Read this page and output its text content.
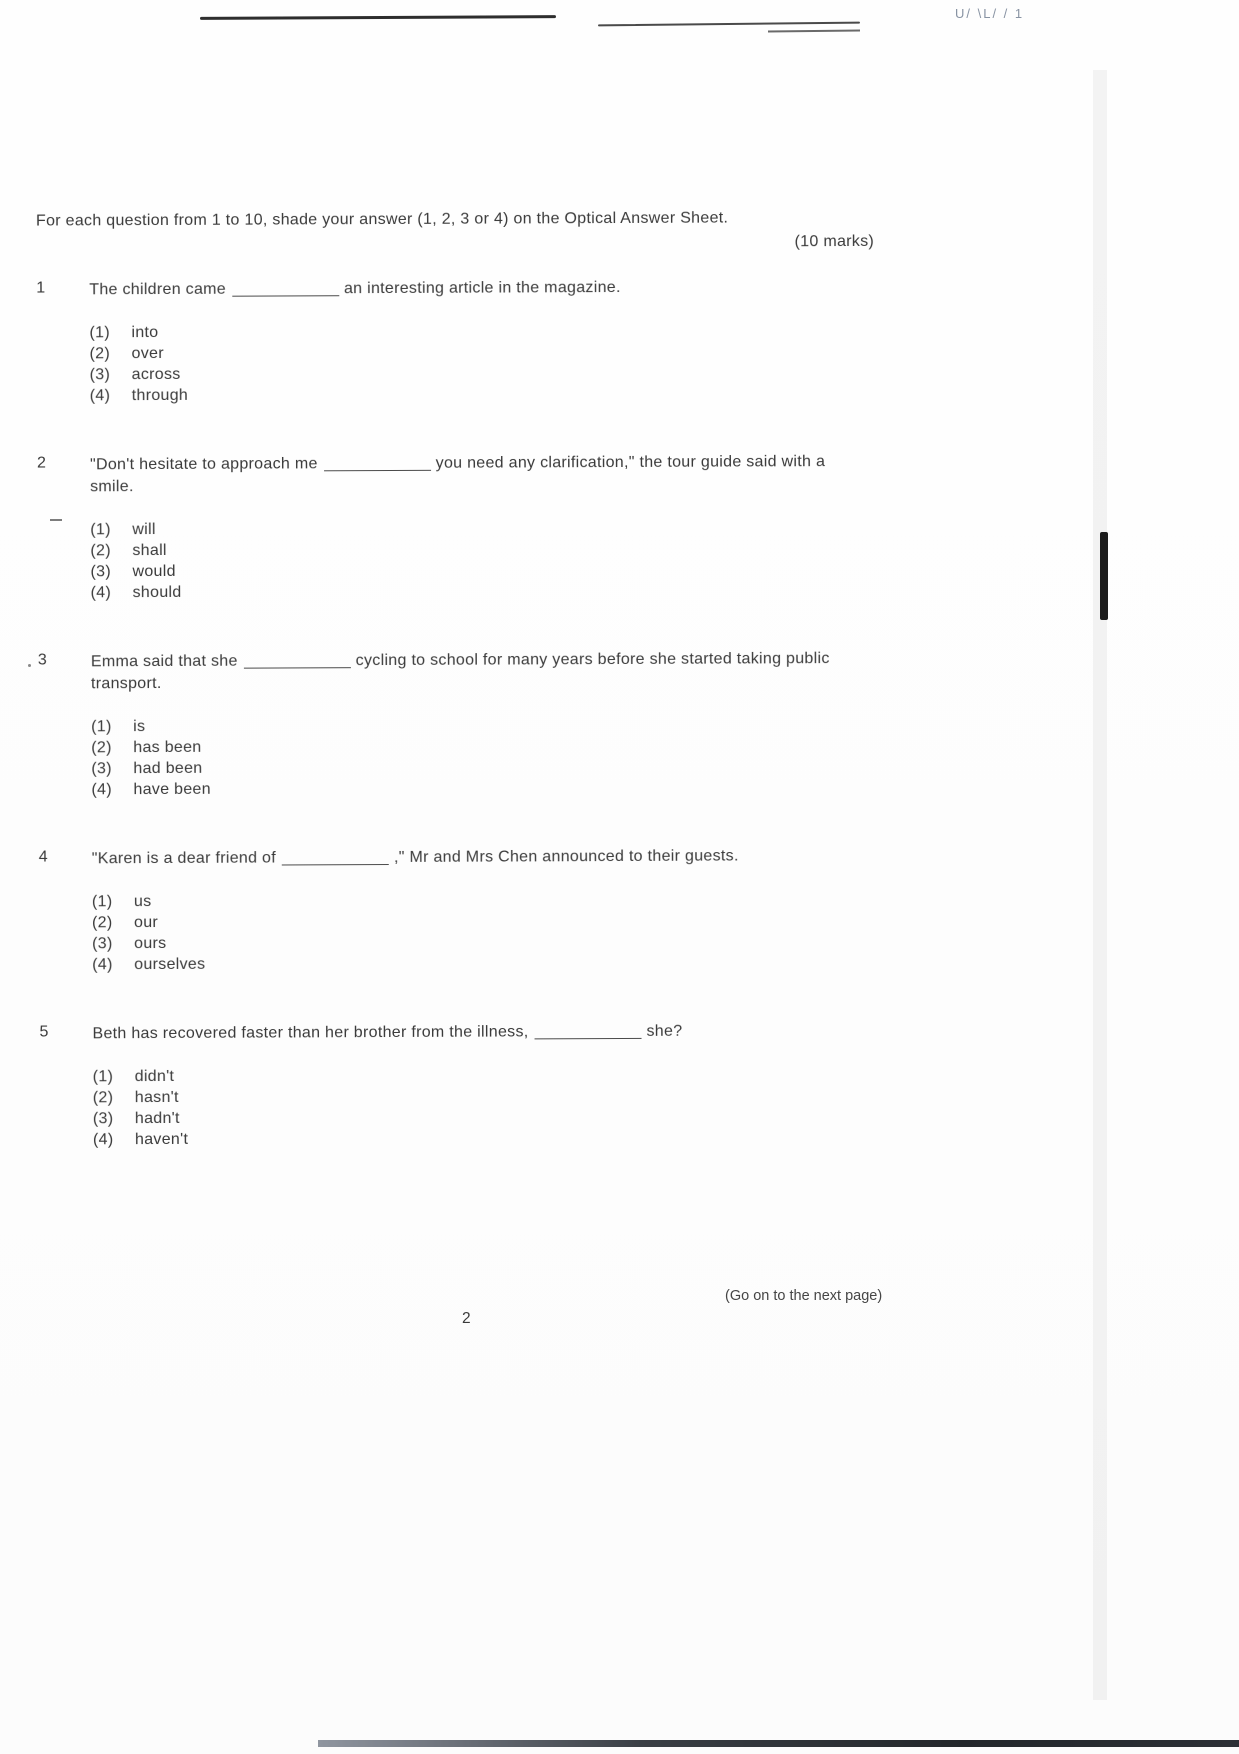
U/ \L/ / 1
For each question from 1 to 10, shade your answer (1, 2, 3 or 4) on the Optical Answer Sheet.
(10 marks)
1	The children came	an interesting article in the magazine.

(1) into
(2) over
(3) across
(4) through
2	"Don't hesitate to approach me	you need any clarification," the tour guide said with a smile.

(1) will
(2) shall
(3) would
(4) should
3	Emma said that she	cycling to school for many years before she started taking public transport.

(1) is
(2) has been
(3) had been
(4) have been
4	"Karen is a dear friend of	," Mr and Mrs Chen announced to their guests.

(1) us
(2) our
(3) ours
(4) ourselves
5	Beth has recovered faster than her brother from the illness,	she?

(1) didn't
(2) hasn't
(3) hadn't
(4) haven't
(Go on to the next page)
2
